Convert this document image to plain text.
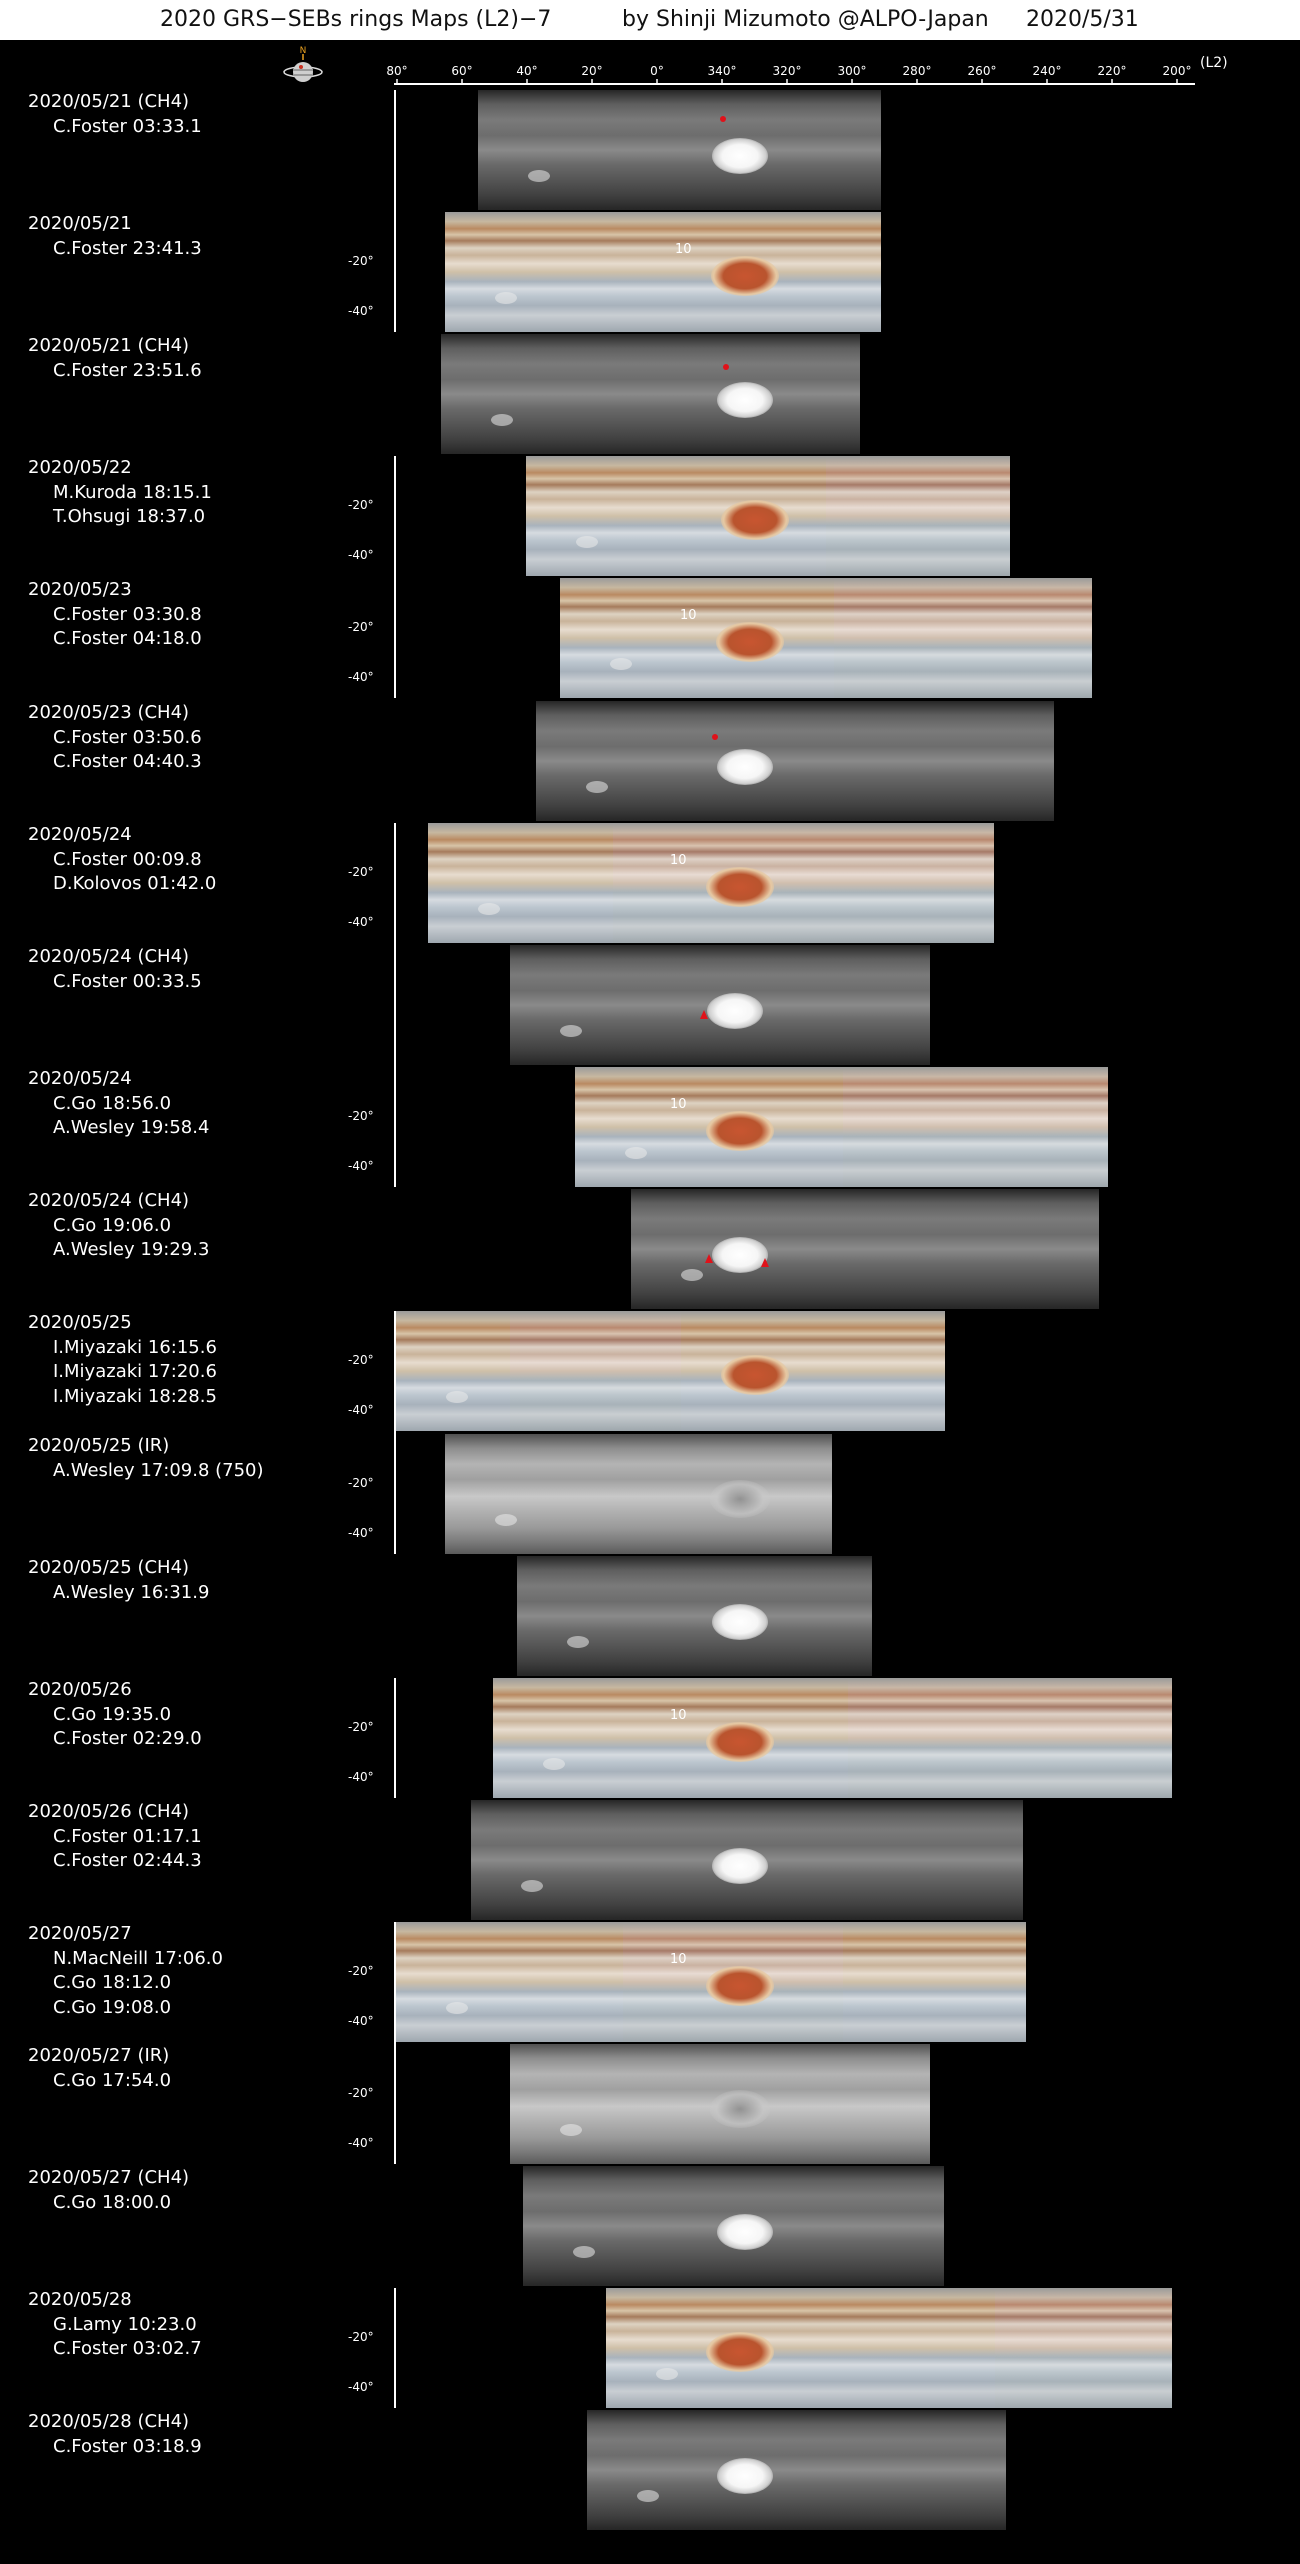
2020 GRS−SEBs rings Maps (L2)−7	by Shinji Mizumoto @ALPO-Japan 2020/5/31
N
80°	60°	40°	20°	0°	340°	320°	300°	280°	260°	240°	220°	200° (L2)
2020/05/21 (CH4)
C.Foster 03:33.1
2020/05/21
C.Foster 23:41.3
-20°
-40°
10
2020/05/21 (CH4)
C.Foster 23:51.6
2020/05/22
M.Kuroda 18:15.1
T.Ohsugi 18:37.0
-20°
-40°
2020/05/23
C.Foster 03:30.8
C.Foster 04:18.0
-20°
-40°
10
2020/05/23 (CH4)
C.Foster 03:50.6
C.Foster 04:40.3
2020/05/24
C.Foster 00:09.8
D.Kolovos 01:42.0
-20°
-40°
10
2020/05/24 (CH4)
C.Foster 00:33.5
2020/05/24
C.Go 18:56.0
A.Wesley 19:58.4
-20°
-40°
10
2020/05/24 (CH4)
C.Go 19:06.0
A.Wesley 19:29.3
2020/05/25
I.Miyazaki 16:15.6
I.Miyazaki 17:20.6
I.Miyazaki 18:28.5
-20°
-40°
2020/05/25 (IR)
A.Wesley 17:09.8 (750)
-20°
-40°
2020/05/25 (CH4)
A.Wesley 16:31.9
2020/05/26
C.Go 19:35.0
C.Foster 02:29.0
-20°
-40°
10
2020/05/26 (CH4)
C.Foster 01:17.1
C.Foster 02:44.3
2020/05/27
N.MacNeill 17:06.0
C.Go 18:12.0
C.Go 19:08.0
-20°
-40°
10
2020/05/27 (IR)
C.Go 17:54.0
-20°
-40°
2020/05/27 (CH4)
C.Go 18:00.0
2020/05/28
G.Lamy 10:23.0
C.Foster 03:02.7
-20°
-40°
2020/05/28 (CH4)
C.Foster 03:18.9
